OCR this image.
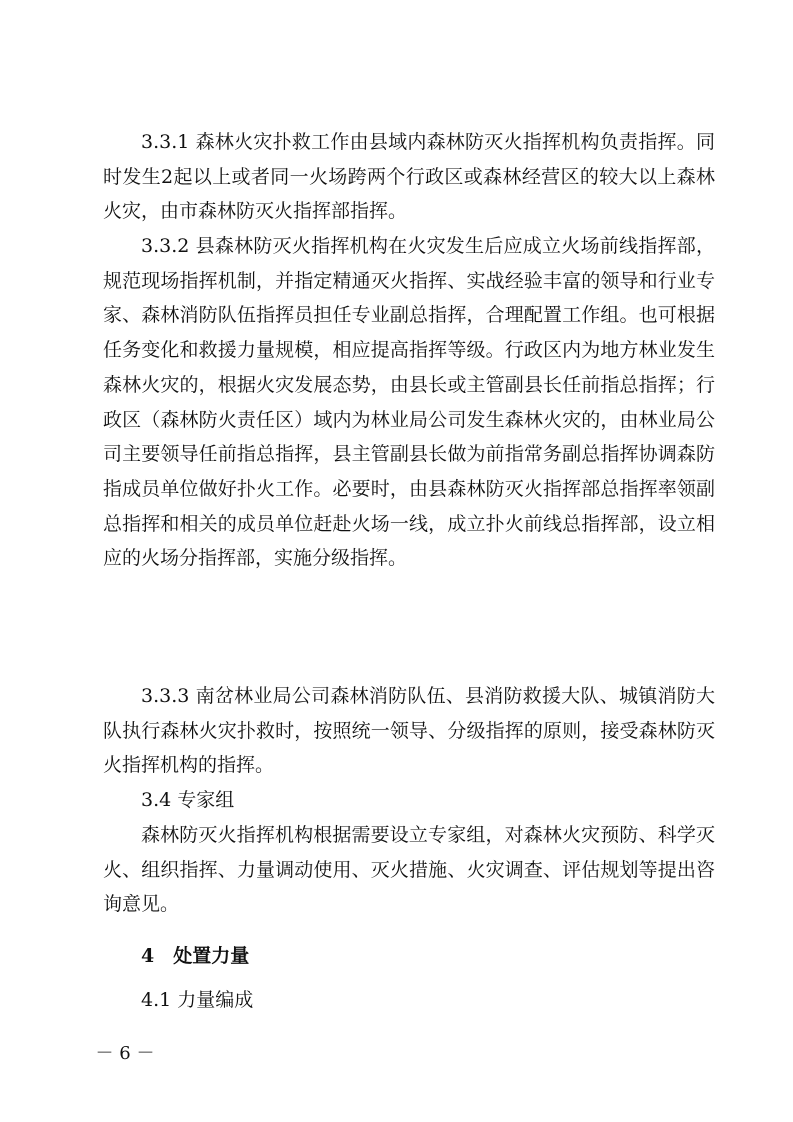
3.3.1 森林火灾扑救工作由县域内森林防灭火指挥机构负责指挥。同时发生2起以上或者同一火场跨两个行政区或森林经营区的较大以上森林火灾，由市森林防灭火指挥部指挥。

3.3.2 县森林防灭火指挥机构在火灾发生后应成立火场前线指挥部，规范现场指挥机制，并指定精通灭火指挥、实战经验丰富的领导和行业专家、森林消防队伍指挥员担任专业副总指挥，合理配置工作组。也可根据任务变化和救援力量规模，相应提高指挥等级。行政区内为地方林业发生森林火灾的，根据火灾发展态势，由县长或主管副县长任前指总指挥；行政区（森林防火责任区）域内为林业局公司发生森林火灾的，由林业局公司主要领导任前指总指挥，县主管副县长做为前指常务副总指挥协调森防指成员单位做好扑火工作。必要时，由县森林防灭火指挥部总指挥率领副总指挥和相关的成员单位赶赴火场一线，成立扑火前线总指挥部，设立相应的火场分指挥部，实施分级指挥。

3.3.3 南岔林业局公司森林消防队伍、县消防救援大队、城镇消防大队执行森林火灾扑救时，按照统一领导、分级指挥的原则，接受森林防灭火指挥机构的指挥。

3.4 专家组

森林防灭火指挥机构根据需要设立专家组，对森林火灾预防、科学灭火、组织指挥、力量调动使用、灭火措施、火灾调查、评估规划等提出咨询意见。

4　处置力量

4.1 力量编成

－ 6 －
